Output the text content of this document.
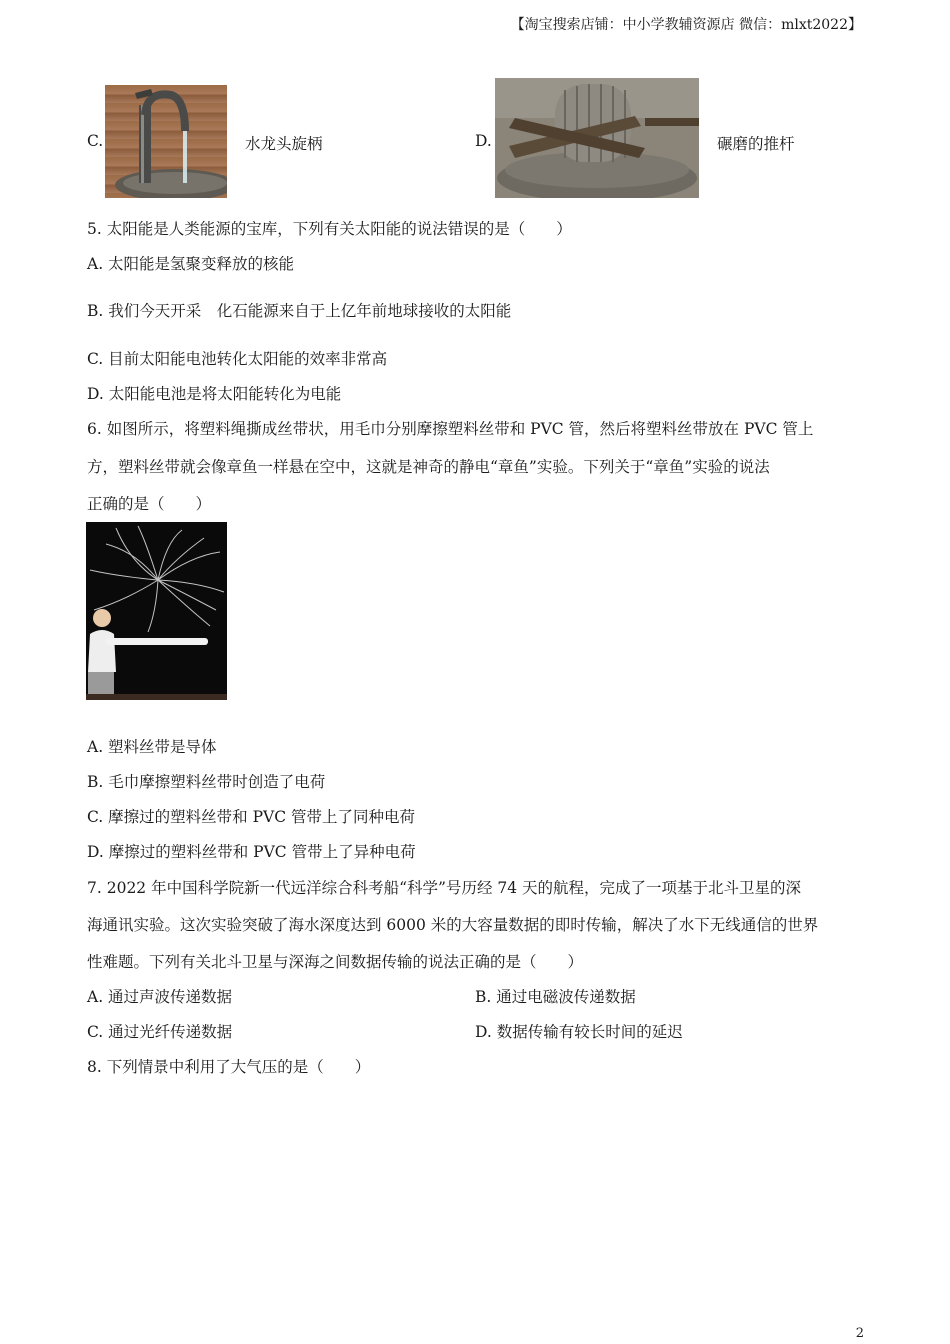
【淘宝搜索店铺：中小学教辅资源店 微信：mlxt2022】
C.	水龙头旋柄	D.	碾磨的推杆
5. 太阳能是人类能源的宝库，下列有关太阳能的说法错误的是（　　）
A. 太阳能是氢聚变释放的核能
B. 我们今天开采　化石能源来自于上亿年前地球接收的太阳能
C. 目前太阳能电池转化太阳能的效率非常高
D. 太阳能电池是将太阳能转化为电能
6. 如图所示，将塑料绳撕成丝带状，用毛巾分别摩擦塑料丝带和 PVC 管，然后将塑料丝带放在 PVC 管上
方，塑料丝带就会像章鱼一样悬在空中，这就是神奇的静电“章鱼”实验。下列关于“章鱼”实验的说法
正确的是（　　）
A. 塑料丝带是导体
B. 毛巾摩擦塑料丝带时创造了电荷
C. 摩擦过的塑料丝带和 PVC 管带上了同种电荷
D. 摩擦过的塑料丝带和 PVC 管带上了异种电荷
7. 2022 年中国科学院新一代远洋综合科考船“科学”号历经 74 天的航程，完成了一项基于北斗卫星的深
海通讯实验。这次实验突破了海水深度达到 6000 米的大容量数据的即时传输，解决了水下无线通信的世界
性难题。下列有关北斗卫星与深海之间数据传输的说法正确的是（　　）
A. 通过声波传递数据	B. 通过电磁波传递数据
C. 通过光纤传递数据	D. 数据传输有较长时间的延迟
8. 下列情景中利用了大气压的是（　　）
2
